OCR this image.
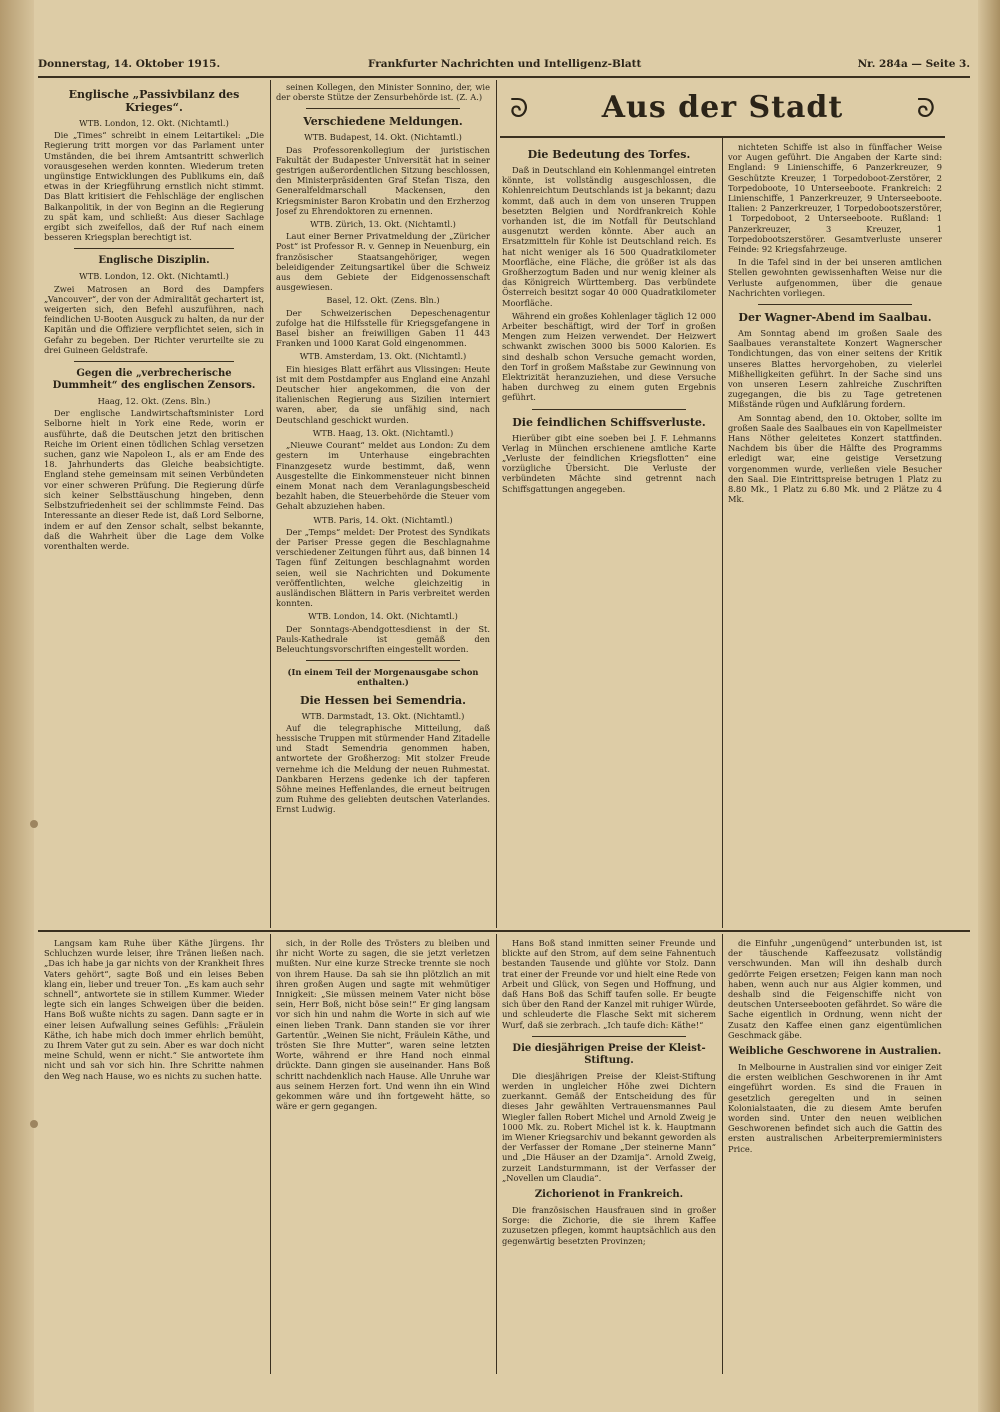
Donnerstag, 14. Oktober 1915.	Frankfurter Nachrichten und Intelligenz-Blatt	Nr. 284a — Seite 3.
ᘐ	Aus der Stadt	ᘐ
Englische „Passivbilanz des Krieges“.
WTB. London, 12. Okt. (Nichtamtl.)

Die „Times“ schreibt in einem Leitartikel: „Die Regierung tritt morgen vor das Parlament unter Umständen, die bei ihrem Amtsantritt schwerlich vorausgesehen werden konnten. Wiederum treten ungünstige Entwicklungen des Publikums ein, daß etwas in der Kriegführung ernstlich nicht stimmt. Das Blatt kritisiert die Fehlschläge der englischen Balkanpolitik, in der von Beginn an die Regierung zu spät kam, und schließt: Aus dieser Sachlage ergibt sich zweifellos, daß der Ruf nach einem besseren Kriegsplan berechtigt ist.

Englische Disziplin.
WTB. London, 12. Okt. (Nichtamtl.)

Zwei Matrosen an Bord des Dampfers „Vancouver“, der von der Admiralität gechartert ist, weigerten sich, den Befehl auszuführen, nach feindlichen U-Booten Ausguck zu halten, da nur der Kapitän und die Offiziere verpflichtet seien, sich in Gefahr zu begeben. Der Richter verurteilte sie zu drei Guineen Geldstrafe.

Gegen die „verbrecherische Dummheit“ des englischen Zensors.
Haag, 12. Okt. (Zens. Bln.)

Der englische Landwirtschaftsminister Lord Selborne hielt in York eine Rede, worin er ausführte, daß die Deutschen jetzt den britischen Reiche im Orient einen tödlichen Schlag versetzen suchen, ganz wie Napoleon I., als er am Ende des 18. Jahrhunderts das Gleiche beabsichtigte. England stehe gemeinsam mit seinen Verbündeten vor einer schweren Prüfung. Die Regierung dürfe sich keiner Selbsttäuschung hingeben, denn Selbstzufriedenheit sei der schlimmste Feind. Das Interessante an dieser Rede ist, daß Lord Selborne, indem er auf den Zensor schalt, selbst bekannte, daß die Wahrheit über die Lage dem Volke vorenthalten werde.

seinen Kollegen, den Minister Sonnino, der, wie der oberste Stütze der Zensurbehörde ist. (Z. A.)

Verschiedene Meldungen.
WTB. Budapest, 14. Okt. (Nichtamtl.)

Das Professorenkollegium der juristischen Fakultät der Budapester Universität hat in seiner gestrigen außerordentlichen Sitzung beschlossen, den Ministerpräsidenten Graf Stefan Tisza, den Generalfeldmarschall Mackensen, den Kriegsminister Baron Krobatin und den Erzherzog Josef zu Ehrendoktoren zu ernennen.

WTB. Zürich, 13. Okt. (Nichtamtl.)

Laut einer Berner Privatmeldung der „Züricher Post“ ist Professor R. v. Gennep in Neuenburg, ein französischer Staatsangehöriger, wegen beleidigender Zeitungsartikel über die Schweiz aus dem Gebiete der Eidgenossenschaft ausgewiesen.

Basel, 12. Okt. (Zens. Bln.)

Der Schweizerischen Depeschenagentur zufolge hat die Hilfsstelle für Kriegsgefangene in Basel bisher an freiwilligen Gaben 11 443 Franken und 1000 Karat Gold eingenommen.

WTB. Amsterdam, 13. Okt. (Nichtamtl.)

Ein hiesiges Blatt erfährt aus Vlissingen: Heute ist mit dem Postdampfer aus England eine Anzahl Deutscher hier angekommen, die von der italienischen Regierung aus Sizilien interniert waren, aber, da sie unfähig sind, nach Deutschland geschickt wurden.

WTB. Haag, 13. Okt. (Nichtamtl.)

„Nieuwe Courant“ meldet aus London: Zu dem gestern im Unterhause eingebrachten Finanzgesetz wurde bestimmt, daß, wenn Ausgestellte die Einkommensteuer nicht binnen einem Monat nach dem Veranlagungsbescheid bezahlt haben, die Steuerbehörde die Steuer vom Gehalt abzuziehen haben.

WTB. Paris, 14. Okt. (Nichtamtl.)

Der „Temps“ meldet: Der Protest des Syndikats der Pariser Presse gegen die Beschlagnahme verschiedener Zeitungen führt aus, daß binnen 14 Tagen fünf Zeitungen beschlagnahmt worden seien, weil sie Nachrichten und Dokumente veröffentlichten, welche gleichzeitig in ausländischen Blättern in Paris verbreitet werden konnten.

WTB. London, 14. Okt. (Nichtamtl.)

Der Sonntags-Abendgottesdienst in der St. Pauls-Kathedrale ist gemäß den Beleuchtungsvorschriften eingestellt worden.

(In einem Teil der Morgenausgabe schon enthalten.)
Die Hessen bei Semendria.
WTB. Darmstadt, 13. Okt. (Nichtamtl.)

Auf die telegraphische Mitteilung, daß hessische Truppen mit stürmender Hand Zitadelle und Stadt Semendria genommen haben, antwortete der Großherzog: Mit stolzer Freude vernehme ich die Meldung der neuen Ruhmestat. Dankbaren Herzens gedenke ich der tapferen Söhne meines Heffenlandes, die erneut beitrugen zum Ruhme des geliebten deutschen Vaterlandes. Ernst Ludwig.

Die Bedeutung des Torfes.

Daß in Deutschland ein Kohlenmangel eintreten könnte, ist vollständig ausgeschlossen, die Kohlenreichtum Deutschlands ist ja bekannt; dazu kommt, daß auch in dem von unseren Truppen besetzten Belgien und Nordfrankreich Kohle vorhanden ist, die im Notfall für Deutschland ausgenutzt werden könnte. Aber auch an Ersatzmitteln für Kohle ist Deutschland reich. Es hat nicht weniger als 16 500 Quadratkilometer Moorfläche, eine Fläche, die größer ist als das Großherzogtum Baden und nur wenig kleiner als das Königreich Württemberg. Das verbündete Österreich besitzt sogar 40 000 Quadratkilometer Moorfläche.

Während ein großes Kohlenlager täglich 12 000 Arbeiter beschäftigt, wird der Torf in großen Mengen zum Heizen verwendet. Der Heizwert schwankt zwischen 3000 bis 5000 Kalorien. Es sind deshalb schon Versuche gemacht worden, den Torf in großem Maßstabe zur Gewinnung von Elektrizität heranzuziehen, und diese Versuche haben durchweg zu einem guten Ergebnis geführt.

Die feindlichen Schiffsverluste.

Hierüber gibt eine soeben bei J. F. Lehmanns Verlag in München erschienene amtliche Karte „Verluste der feindlichen Kriegsflotten“ eine vorzügliche Übersicht. Die Verluste der verbündeten Mächte sind getrennt nach Schiffsgattungen angegeben.

nichteten Schiffe ist also in fünffacher Weise vor Augen geführt. Die Angaben der Karte sind: England: 9 Linienschiffe, 6 Panzerkreuzer, 9 Geschützte Kreuzer, 1 Torpedoboot-Zerstörer, 2 Torpedoboote, 10 Unterseeboote. Frankreich: 2 Linienschiffe, 1 Panzerkreuzer, 9 Unterseeboote. Italien: 2 Panzerkreuzer, 1 Torpedobootszerstörer, 1 Torpedoboot, 2 Unterseeboote. Rußland: 1 Panzerkreuzer, 3 Kreuzer, 1 Torpedobootszerstörer. Gesamtverluste unserer Feinde: 92 Kriegsfahrzeuge.

In die Tafel sind in der bei unseren amtlichen Stellen gewohnten gewissenhaften Weise nur die Verluste aufgenommen, über die genaue Nachrichten vorliegen.

Der Wagner-Abend im Saalbau.

Am Sonntag abend im großen Saale des Saalbaues veranstaltete Konzert Wagnerscher Tondichtungen, das von einer seitens der Kritik unseres Blattes hervorgehoben, zu vielerlei Mißhelligkeiten geführt. In der Sache sind uns von unseren Lesern zahlreiche Zuschriften zugegangen, die bis zu Tage getretenen Mißstände rügen und Aufklärung fordern.

Am Sonntag abend, den 10. Oktober, sollte im großen Saale des Saalbaues ein von Kapellmeister Hans Nöther geleitetes Konzert stattfinden. Nachdem bis über die Hälfte des Programms erledigt war, eine geistige Versetzung vorgenommen wurde, verließen viele Besucher den Saal. Die Eintrittspreise betrugen 1 Platz zu 8.80 Mk., 1 Platz zu 6.80 Mk. und 2 Plätze zu 4 Mk.

Langsam kam Ruhe über Käthe Jürgens. Ihr Schluchzen wurde leiser, ihre Tränen ließen nach. „Das ich habe ja gar nichts von der Krankheit Ihres Vaters gehört“, sagte Boß und ein leises Beben klang ein, lieber und treuer Ton. „Es kam auch sehr schnell“, antwortete sie in stillem Kummer. Wieder legte sich ein langes Schweigen über die beiden. Hans Boß wußte nichts zu sagen. Dann sagte er in einer leisen Aufwallung seines Gefühls: „Fräulein Käthe, ich habe mich doch immer ehrlich bemüht, zu Ihrem Vater gut zu sein. Aber es war doch nicht meine Schuld, wenn er nicht.“ Sie antwortete ihm nicht und sah vor sich hin. Ihre Schritte nahmen den Weg nach Hause, wo es nichts zu suchen hatte.

sich, in der Rolle des Trösters zu bleiben und ihr nicht Worte zu sagen, die sie jetzt verletzen mußten. Nur eine kurze Strecke trennte sie noch von ihrem Hause. Da sah sie ihn plötzlich an mit ihren großen Augen und sagte mit wehmütiger Innigkeit: „Sie müssen meinem Vater nicht böse sein, Herr Boß, nicht böse sein!“ Er ging langsam vor sich hin und nahm die Worte in sich auf wie einen lieben Trank. Dann standen sie vor ihrer Gartentür. „Weinen Sie nicht, Fräulein Käthe, und trösten Sie Ihre Mutter“, waren seine letzten Worte, während er ihre Hand noch einmal drückte. Dann gingen sie auseinander. Hans Boß schritt nachdenklich nach Hause. Alle Unruhe war aus seinem Herzen fort. Und wenn ihn ein Wind gekommen wäre und ihn fortgeweht hätte, so wäre er gern gegangen.

Hans Boß stand inmitten seiner Freunde und blickte auf den Strom, auf dem seine Fahnentuch bestanden Tausende und glühte vor Stolz. Dann trat einer der Freunde vor und hielt eine Rede von Arbeit und Glück, von Segen und Hoffnung, und daß Hans Boß das Schiff taufen solle. Er beugte sich über den Rand der Kanzel mit ruhiger Würde, und schleuderte die Flasche Sekt mit sicherem Wurf, daß sie zerbrach. „Ich taufe dich: Käthe!“

Die diesjährigen Preise der Kleist-Stiftung.

Die diesjährigen Preise der Kleist-Stiftung werden in ungleicher Höhe zwei Dichtern zuerkannt. Gemäß der Entscheidung des für dieses Jahr gewählten Vertrauensmannes Paul Wiegler fallen Robert Michel und Arnold Zweig je 1000 Mk. zu. Robert Michel ist k. k. Hauptmann im Wiener Kriegsarchiv und bekannt geworden als der Verfasser der Romane „Der steinerne Mann“ und „Die Häuser an der Dzamija“. Arnold Zweig, zurzeit Landsturmmann, ist der Verfasser der „Novellen um Claudia“.

Zichorienot in Frankreich.

Die französischen Hausfrauen sind in großer Sorge: die Zichorie, die sie ihrem Kaffee zuzusetzen pflegen, kommt hauptsächlich aus den gegenwärtig besetzten Provinzen;

die Einfuhr „ungenügend“ unterbunden ist, ist der täuschende Kaffeezusatz vollständig verschwunden. Man will ihn deshalb durch gedörrte Feigen ersetzen; Feigen kann man noch haben, wenn auch nur aus Algier kommen, und deshalb sind die Feigenschiffe nicht von deutschen Unterseebooten gefährdet. So wäre die Sache eigentlich in Ordnung, wenn nicht der Zusatz den Kaffee einen ganz eigentümlichen Geschmack gäbe.

Weibliche Geschworene in Australien.

In Melbourne in Australien sind vor einiger Zeit die ersten weiblichen Geschworenen in ihr Amt eingeführt worden. Es sind die Frauen in gesetzlich geregelten und in seinen Kolonialstaaten, die zu diesem Amte berufen worden sind. Unter den neuen weiblichen Geschworenen befindet sich auch die Gattin des ersten australischen Arbeiterpremierministers Price.
